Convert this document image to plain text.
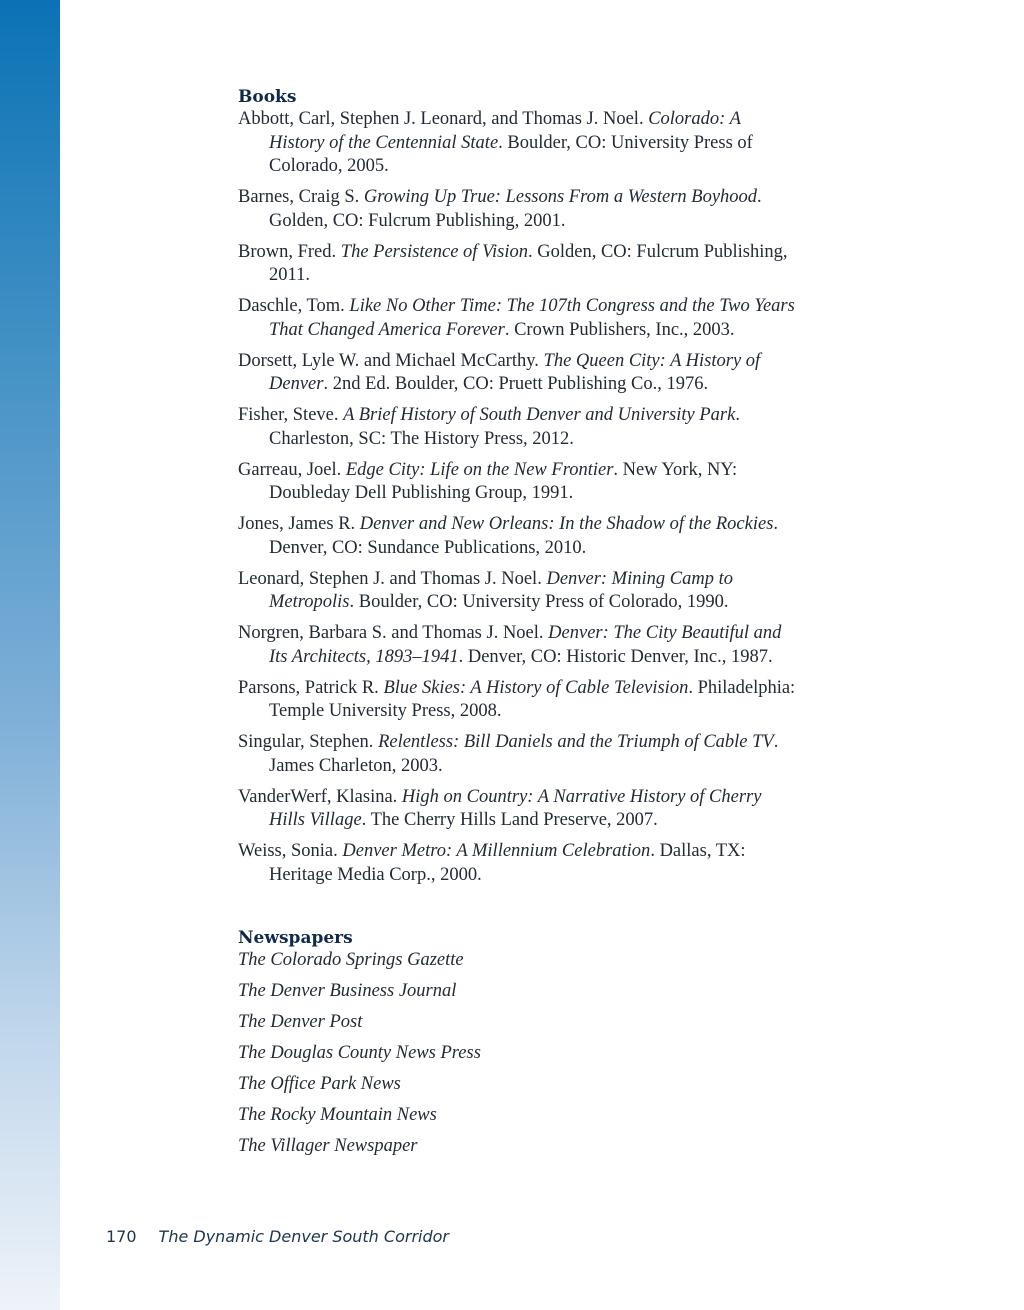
Books
Abbott, Carl, Stephen J. Leonard, and Thomas J. Noel. Colorado: A History of the Centennial State. Boulder, CO: University Press of Colorado, 2005.
Barnes, Craig S. Growing Up True: Lessons From a Western Boyhood. Golden, CO: Fulcrum Publishing, 2001.
Brown, Fred. The Persistence of Vision. Golden, CO: Fulcrum Publishing, 2011.
Daschle, Tom. Like No Other Time: The 107th Congress and the Two Years That Changed America Forever. Crown Publishers, Inc., 2003.
Dorsett, Lyle W. and Michael McCarthy. The Queen City: A History of Denver. 2nd Ed. Boulder, CO: Pruett Publishing Co., 1976.
Fisher, Steve. A Brief History of South Denver and University Park. Charleston, SC: The History Press, 2012.
Garreau, Joel. Edge City: Life on the New Frontier. New York, NY: Doubleday Dell Publishing Group, 1991.
Jones, James R. Denver and New Orleans: In the Shadow of the Rockies. Denver, CO: Sundance Publications, 2010.
Leonard, Stephen J. and Thomas J. Noel. Denver: Mining Camp to Metropolis. Boulder, CO: University Press of Colorado, 1990.
Norgren, Barbara S. and Thomas J. Noel. Denver: The City Beautiful and Its Architects, 1893–1941. Denver, CO: Historic Denver, Inc., 1987.
Parsons, Patrick R. Blue Skies: A History of Cable Television. Philadelphia: Temple University Press, 2008.
Singular, Stephen. Relentless: Bill Daniels and the Triumph of Cable TV. James Charleton, 2003.
VanderWerf, Klasina. High on Country: A Narrative History of Cherry Hills Village. The Cherry Hills Land Preserve, 2007.
Weiss, Sonia. Denver Metro: A Millennium Celebration. Dallas, TX: Heritage Media Corp., 2000.
Newspapers
The Colorado Springs Gazette
The Denver Business Journal
The Denver Post
The Douglas County News Press
The Office Park News
The Rocky Mountain News
The Villager Newspaper
170 The Dynamic Denver South Corridor
